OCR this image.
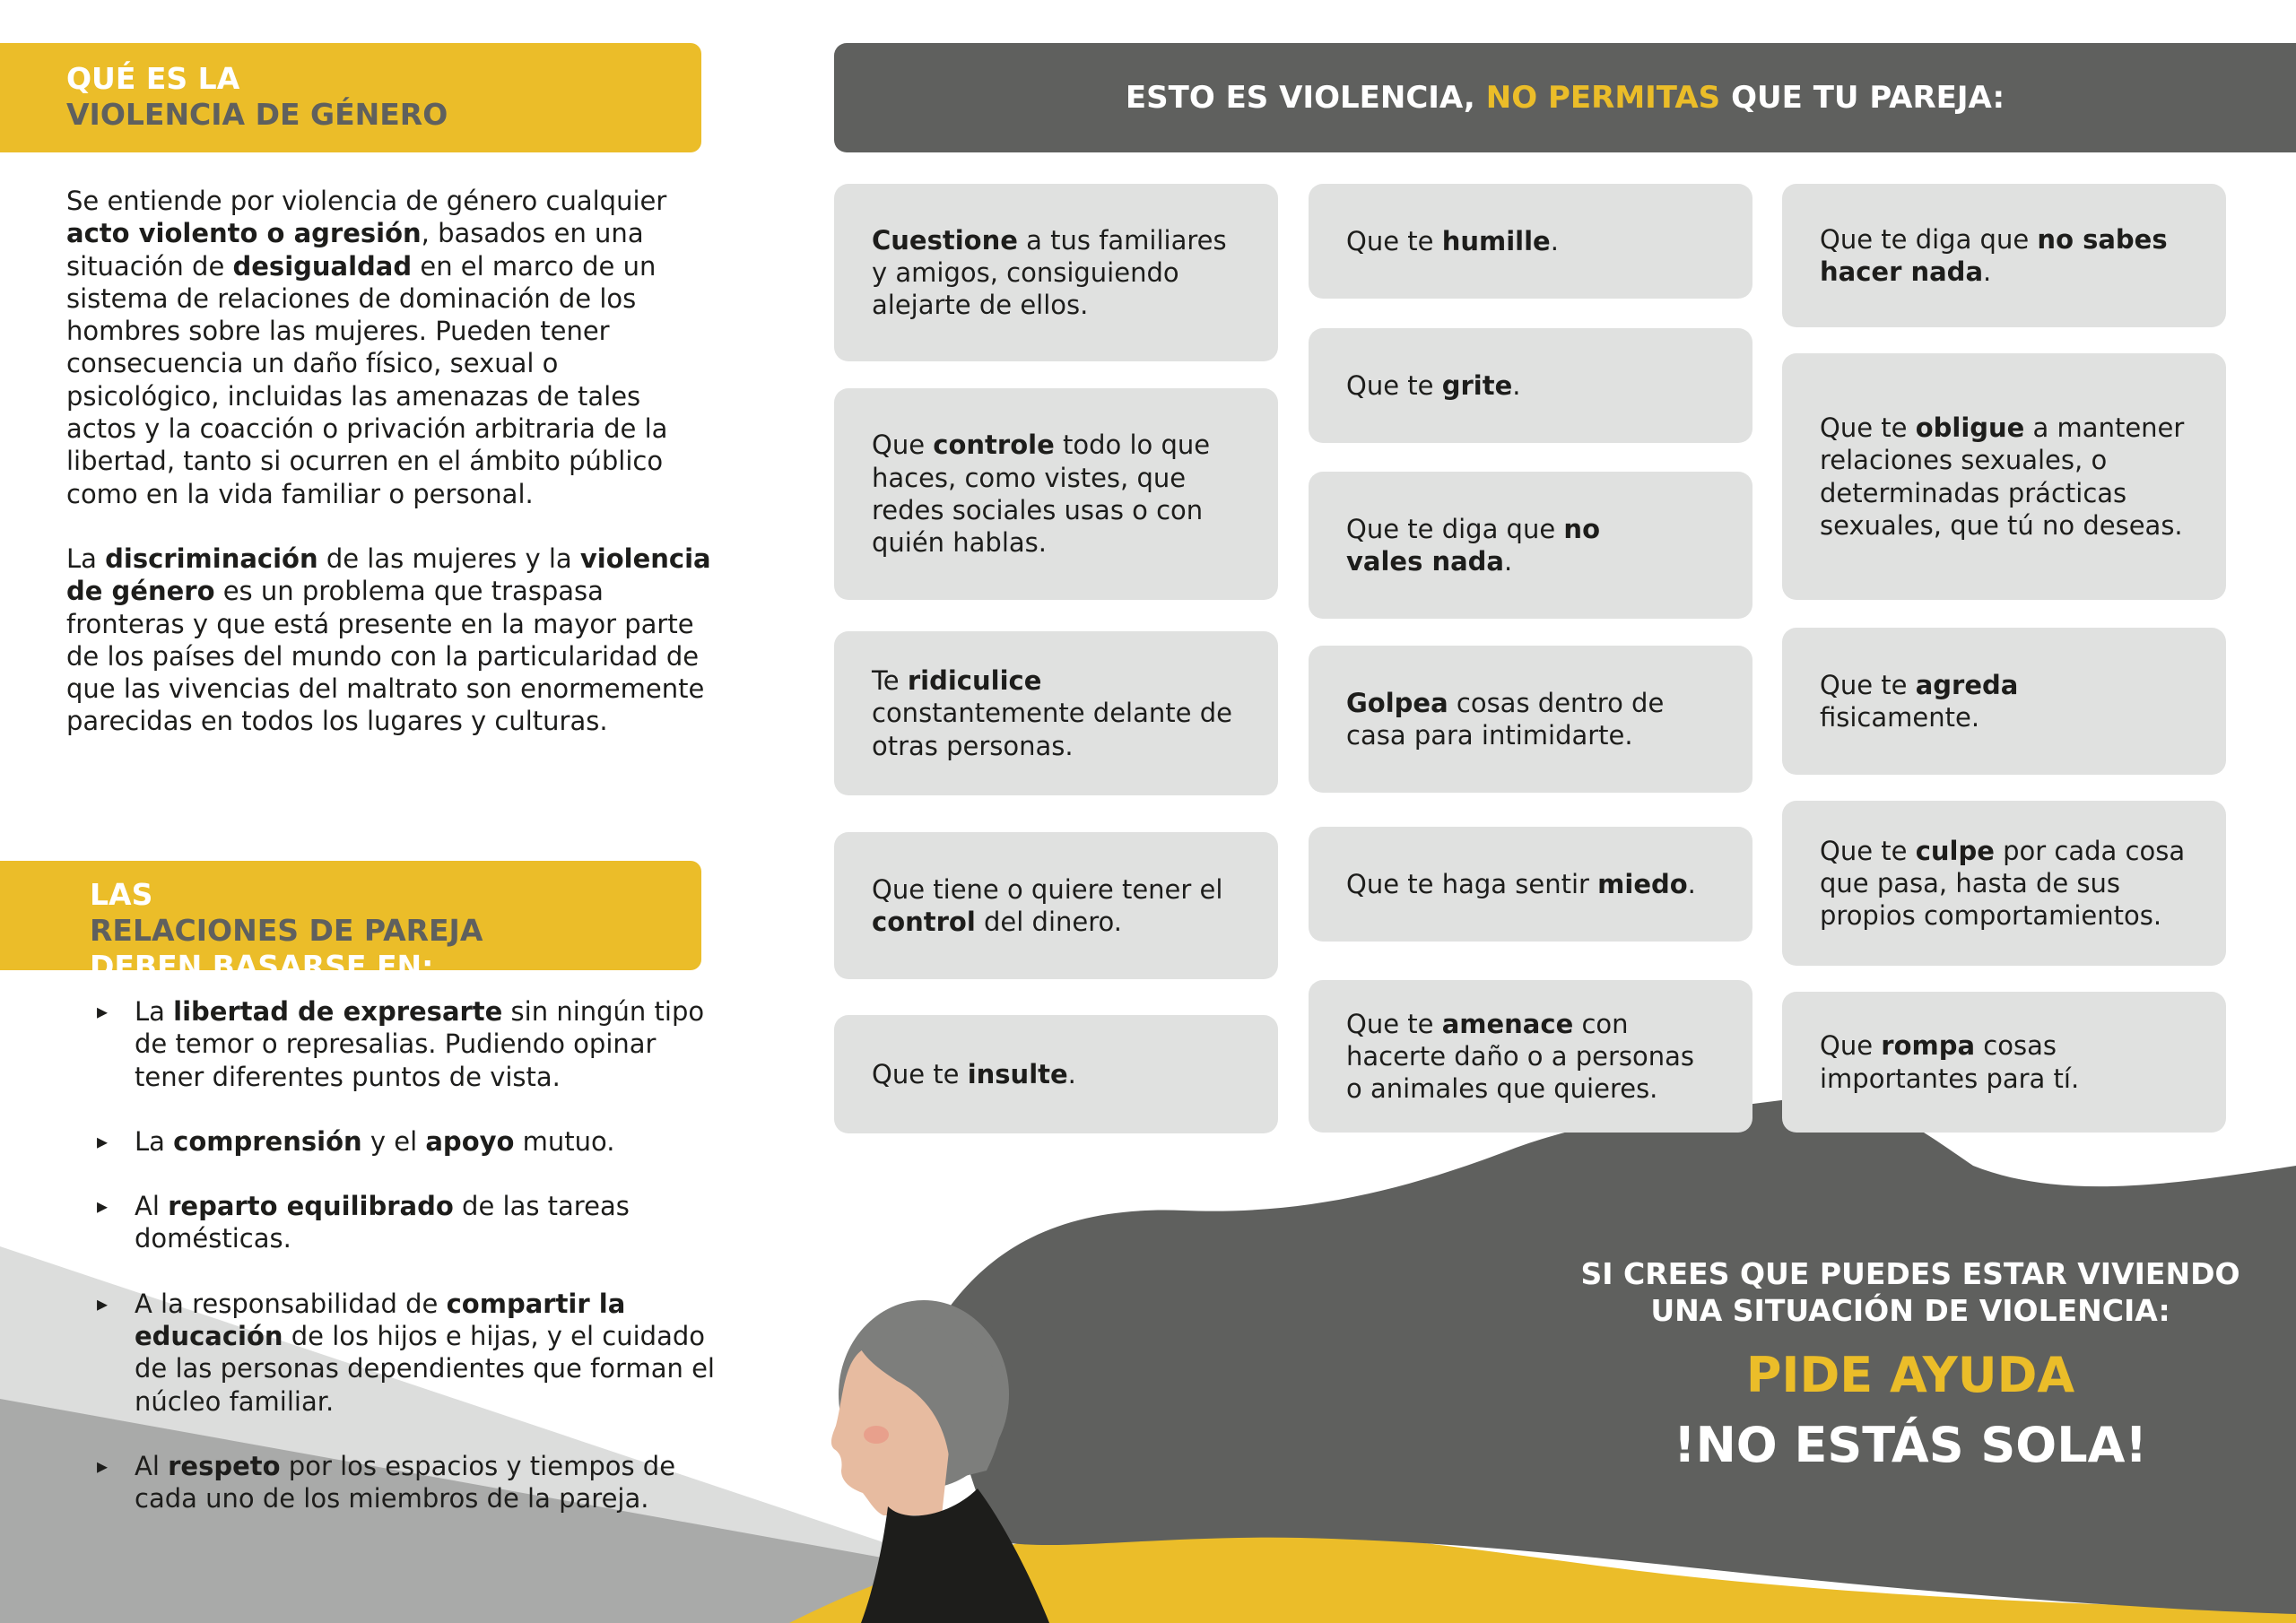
QUÉ ES LA
VIOLENCIA DE GÉNERO

Se entiende por violencia de género cualquier acto violento o agresión, basados en una situación de desigualdad en el marco de un sistema de relaciones de dominación de los hombres sobre las mujeres. Pueden tener consecuencia un daño físico, sexual o psicológico, incluidas las amenazas de tales actos y la coacción o privación arbitraria de la libertad, tanto si ocurren en el ámbito público como en la vida familiar o personal.

La discriminación de las mujeres y la violencia de género es un problema que traspasa fronteras y que está presente en la mayor parte de los países del mundo con la particularidad de que las vivencias del maltrato son enormemente parecidas en todos los lugares y culturas.

LAS
RELACIONES DE PAREJA
DEBEN BASARSE EN:
▸ La libertad de expresarte sin ningún tipo de temor o represalias. Pudiendo opinar tener diferentes puntos de vista.
▸ La comprensión y el apoyo mutuo.
▸ Al reparto equilibrado de las tareas domésticas.
▸ A la responsabilidad de compartir la educación de los hijos e hijas, y el cuidado de las personas dependientes que forman el núcleo familiar.
▸ Al respeto por los espacios y tiempos de cada uno de los miembros de la pareja.
ESTO ES VIOLENCIA, NO PERMITAS QUE TU PAREJA:
Cuestione a tus familiares y amigos, consiguiendo alejarte de ellos.
Que controle todo lo que haces, como vistes, que redes sociales usas o con quién hablas.
Te ridiculice constantemente delante de otras personas.
Que tiene o quiere tener el control del dinero.
Que te insulte.
Que te humille.
Que te grite.
Que te diga que no vales nada.
Golpea cosas dentro de casa para intimidarte.
Que te haga sentir miedo.
Que te amenace con hacerte daño o a personas o animales que quieres.
Que te diga que no sabes hacer nada.
Que te obligue a mantener relaciones sexuales, o determinadas prácticas sexuales, que tú no deseas.
Que te agreda fisicamente.
Que te culpe por cada cosa que pasa, hasta de sus propios comportamientos.
Que rompa cosas importantes para tí.
SI CREES QUE PUEDES ESTAR VIVIENDO
UNA SITUACIÓN DE VIOLENCIA:
PIDE AYUDA
!NO ESTÁS SOLA!
